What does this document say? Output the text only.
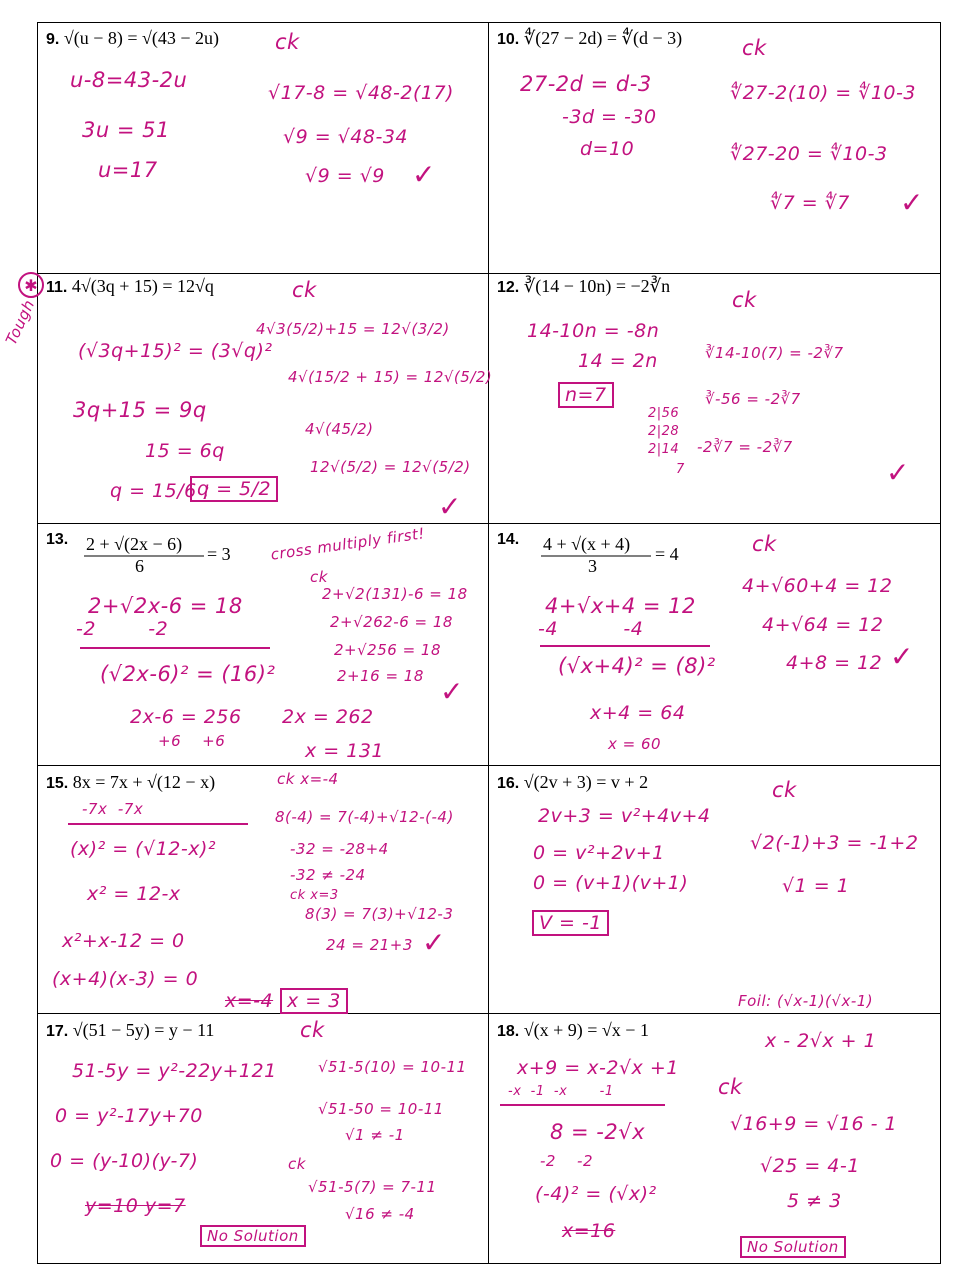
9. √(u − 8) = √(43 − 2u)
u-8=43-2u
3u = 51
u=17
ck
√17-8 = √48-2(17)
√9 = √48-34
√9 = √9 ✓
10. ∜(27 − 2d) = ∜(d − 3)
27-2d = d-3
-3d = -30
d=10
ck
∜27-2(10) = ∜10-3
∜27-20 = ∜10-3
∜7 = ∜7 ✓
11. 4√(3q + 15) = 12√q
✱
Tough
(√3q+15)² = (3√q)²
3q+15 = 9q
15 = 6q
q = 15/6 ;
q = 5/2
ck
4√3(5/2)+15 = 12√(3/2)
4√(15/2 + 15) = 12√(5/2)
4√(45/2)
12√(5/2) = 12√(5/2)
✓
12. ∛(14 − 10n) = −2∛n
14-10n = -8n
14 = 2n
n=7
ck
∛14-10(7) = -2∛7
∛-56 = -2∛7
-2∛7 = -2∛7
2|56
2|28
2|14
7	✓
13. 2 + √(2x − 6)
6
= 3	cross multiply first!
2+√2x-6 = 18
-2        -2
(√2x-6)² = (16)²
2x-6 = 256
+6    +6
2x = 262
x = 131
ck
2+√2(131)-6 = 18
2+√262-6 = 18
2+√256 = 18
2+16 = 18 ✓
14. 4 + √(x + 4)
3
= 4
4+√x+4 = 12
-4          -4
(√x+4)² = (8)²
x+4 = 64
x = 60
ck
4+√60+4 = 12
4+√64 = 12
4+8 = 12 ✓
15. 8x = 7x + √(12 − x)
-7x  -7x
(x)² = (√12-x)²
x² = 12-x
x²+x-12 = 0
(x+4)(x-3) = 0
x=-4 x = 3
ck x=-4
8(-4) = 7(-4)+√12-(-4)
-32 = -28+4
-32 ≠ -24
ck x=3
8(3) = 7(3)+√12-3
24 = 21+3 ✓
16. √(2v + 3) = v + 2
2v+3 = v²+4v+4
0 = v²+2v+1
0 = (v+1)(v+1)
V = -1
ck
√2(-1)+3 = -1+2
√1 = 1
17. √(51 − 5y) = y − 11
51-5y = y²-22y+121
0 = y²-17y+70
0 = (y-10)(y-7)
y=10 y=7
No Solution
ck
√51-5(10) = 10-11
√51-50 = 10-11
√1 ≠ -1
ck
√51-5(7) = 7-11
√16 ≠ -4
18. √(x + 9) = √x − 1
Foil: (√x-1)(√x-1)
x - 2√x + 1
x+9 = x-2√x +1
-x  -1  -x       -1
8 = -2√x
-2    -2
(-4)² = (√x)²
x=16
ck
√16+9 = √16 - 1
√25 = 4-1
5 ≠ 3
No Solution
